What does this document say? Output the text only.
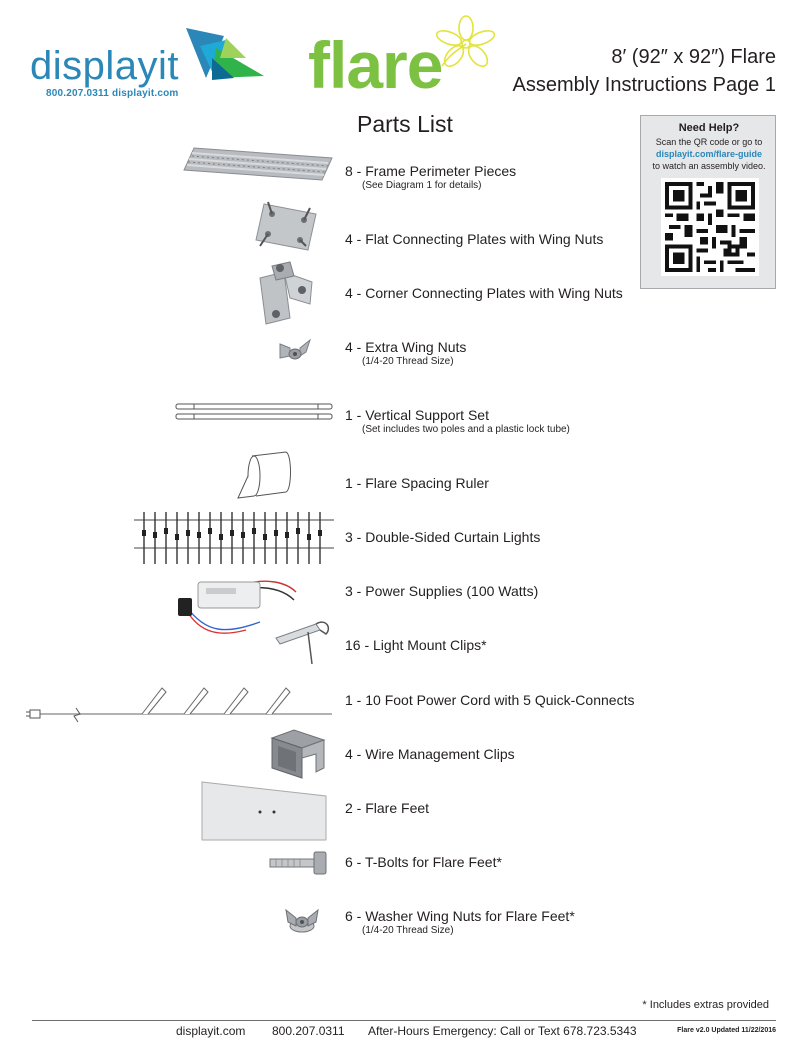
displayit
800.207.0311 displayit.com flare	8′ (92″ x 92″) Flare
Assembly Instructions Page 1
Parts List	Need Help?
Scan the QR code or go to
displayit.com/flare-guide
to watch an assembly video.
8 - Frame Perimeter Pieces
(See Diagram 1 for details)
4 - Flat Connecting Plates with Wing Nuts
4 - Corner Connecting Plates with Wing Nuts
4 - Extra Wing Nuts
(1/4-20 Thread Size)
1 - Vertical Support Set
(Set includes two poles and a plastic lock tube)
1 - Flare Spacing Ruler
3 - Double-Sided Curtain Lights
3 - Power Supplies (100 Watts)
16 - Light Mount Clips*
1 - 10 Foot Power Cord with 5 Quick-Connects
4 - Wire Management Clips
2 - Flare Feet
6 - T-Bolts for Flare Feet*
6 - Washer Wing Nuts for Flare Feet*
(1/4-20 Thread Size)
* Includes extras provided
displayit.com 800.207.0311 After-Hours Emergency: Call or Text 678.723.5343	Flare v2.0 Updated 11/22/2016
